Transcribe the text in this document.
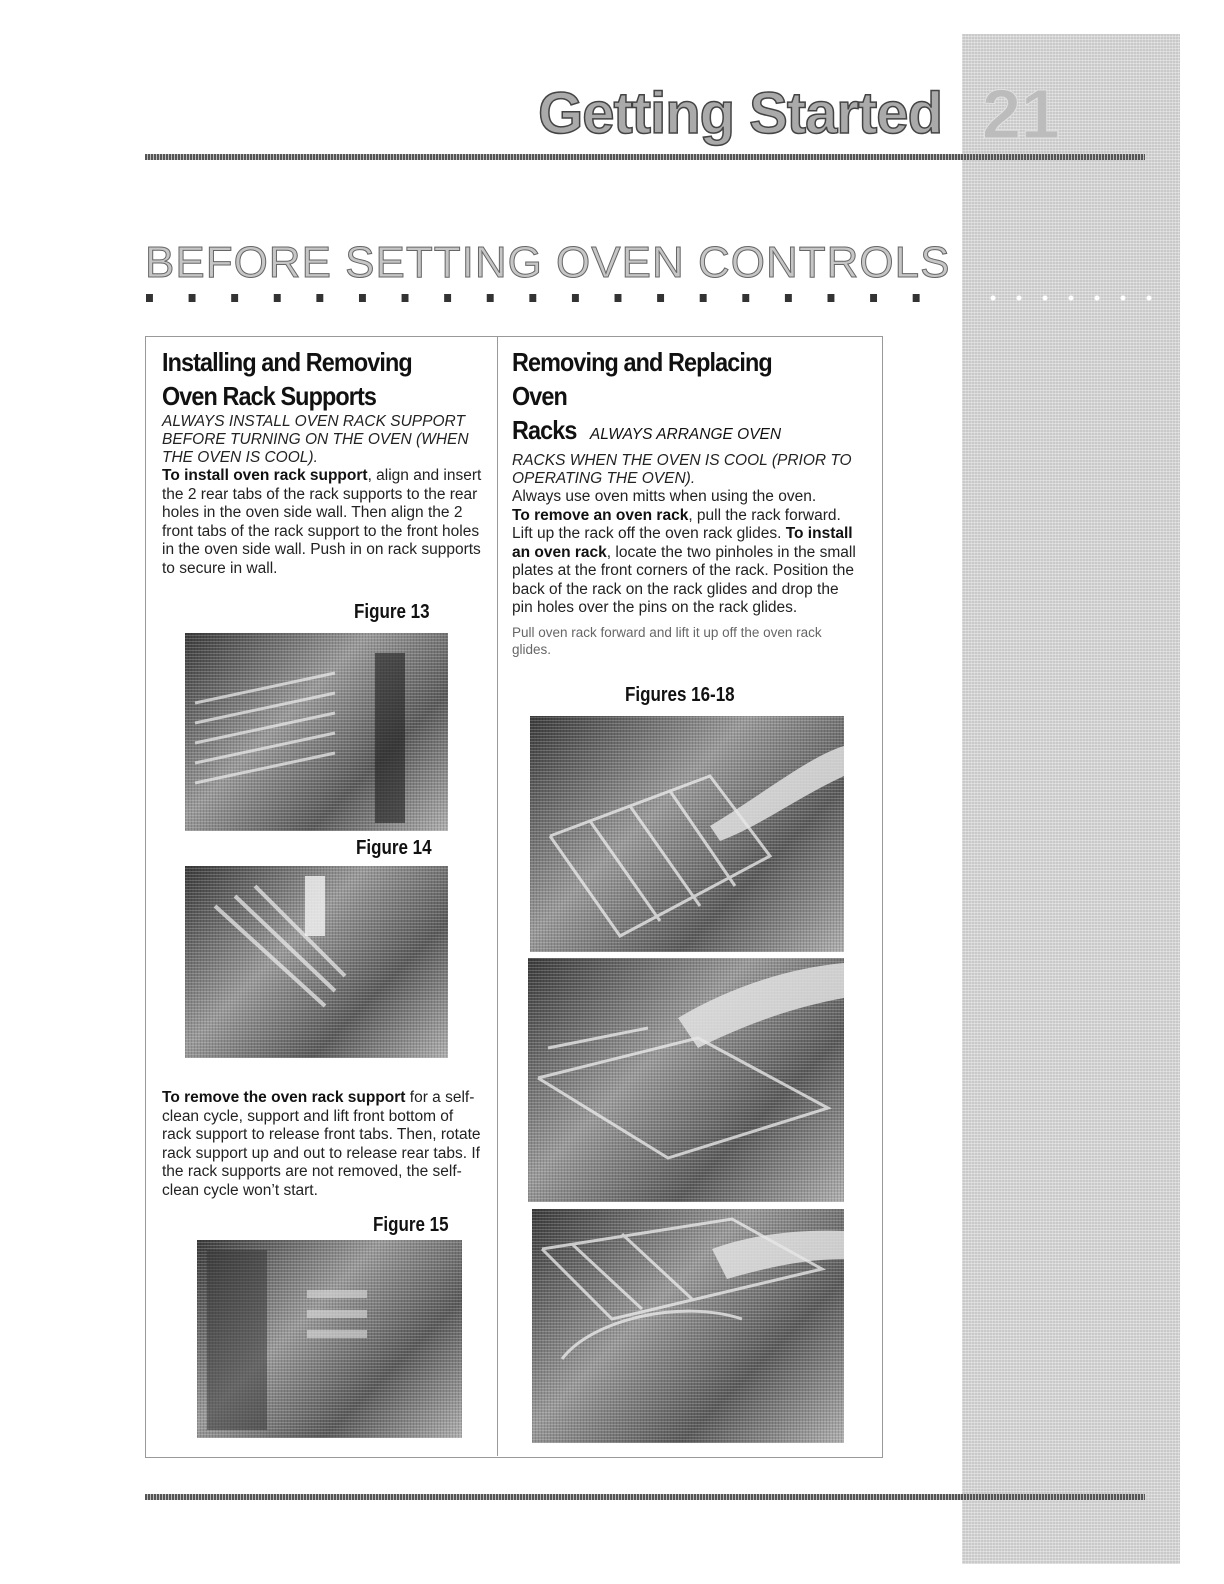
Getting Started 21
BEFORE SETTING OVEN CONTROLS
Installing and Removing Oven Rack Supports

ALWAYS INSTALL OVEN RACK SUPPORT BEFORE TURNING ON THE OVEN (WHEN THE OVEN IS COOL).

To install oven rack support, align and insert the 2 rear tabs of the rack supports to the rear holes in the oven side wall. Then align the 2 front tabs of the rack support to the front holes in the oven side wall. Push in on rack supports to secure in wall.

Figure 13
Figure 14

To remove the oven rack support for a self-clean cycle, support and lift front bottom of rack support to release front tabs. Then, rotate rack support up and out to release rear tabs. If the rack supports are not removed, the self-clean cycle won’t start.

Figure 15
Removing and Replacing Oven
Racks ALWAYS ARRANGE OVEN

RACKS WHEN THE OVEN IS COOL (PRIOR TO OPERATING THE OVEN).

Always use oven mitts when using the oven.

To remove an oven rack, pull the rack forward. Lift up the rack off the oven rack glides. To install an oven rack, locate the two pinholes in the small plates at the front corners of the rack. Position the back of the rack on the rack glides and drop the pin holes over the pins on the rack glides.

Pull oven rack forward and lift it up off the oven rack glides.

Figures 16-18
